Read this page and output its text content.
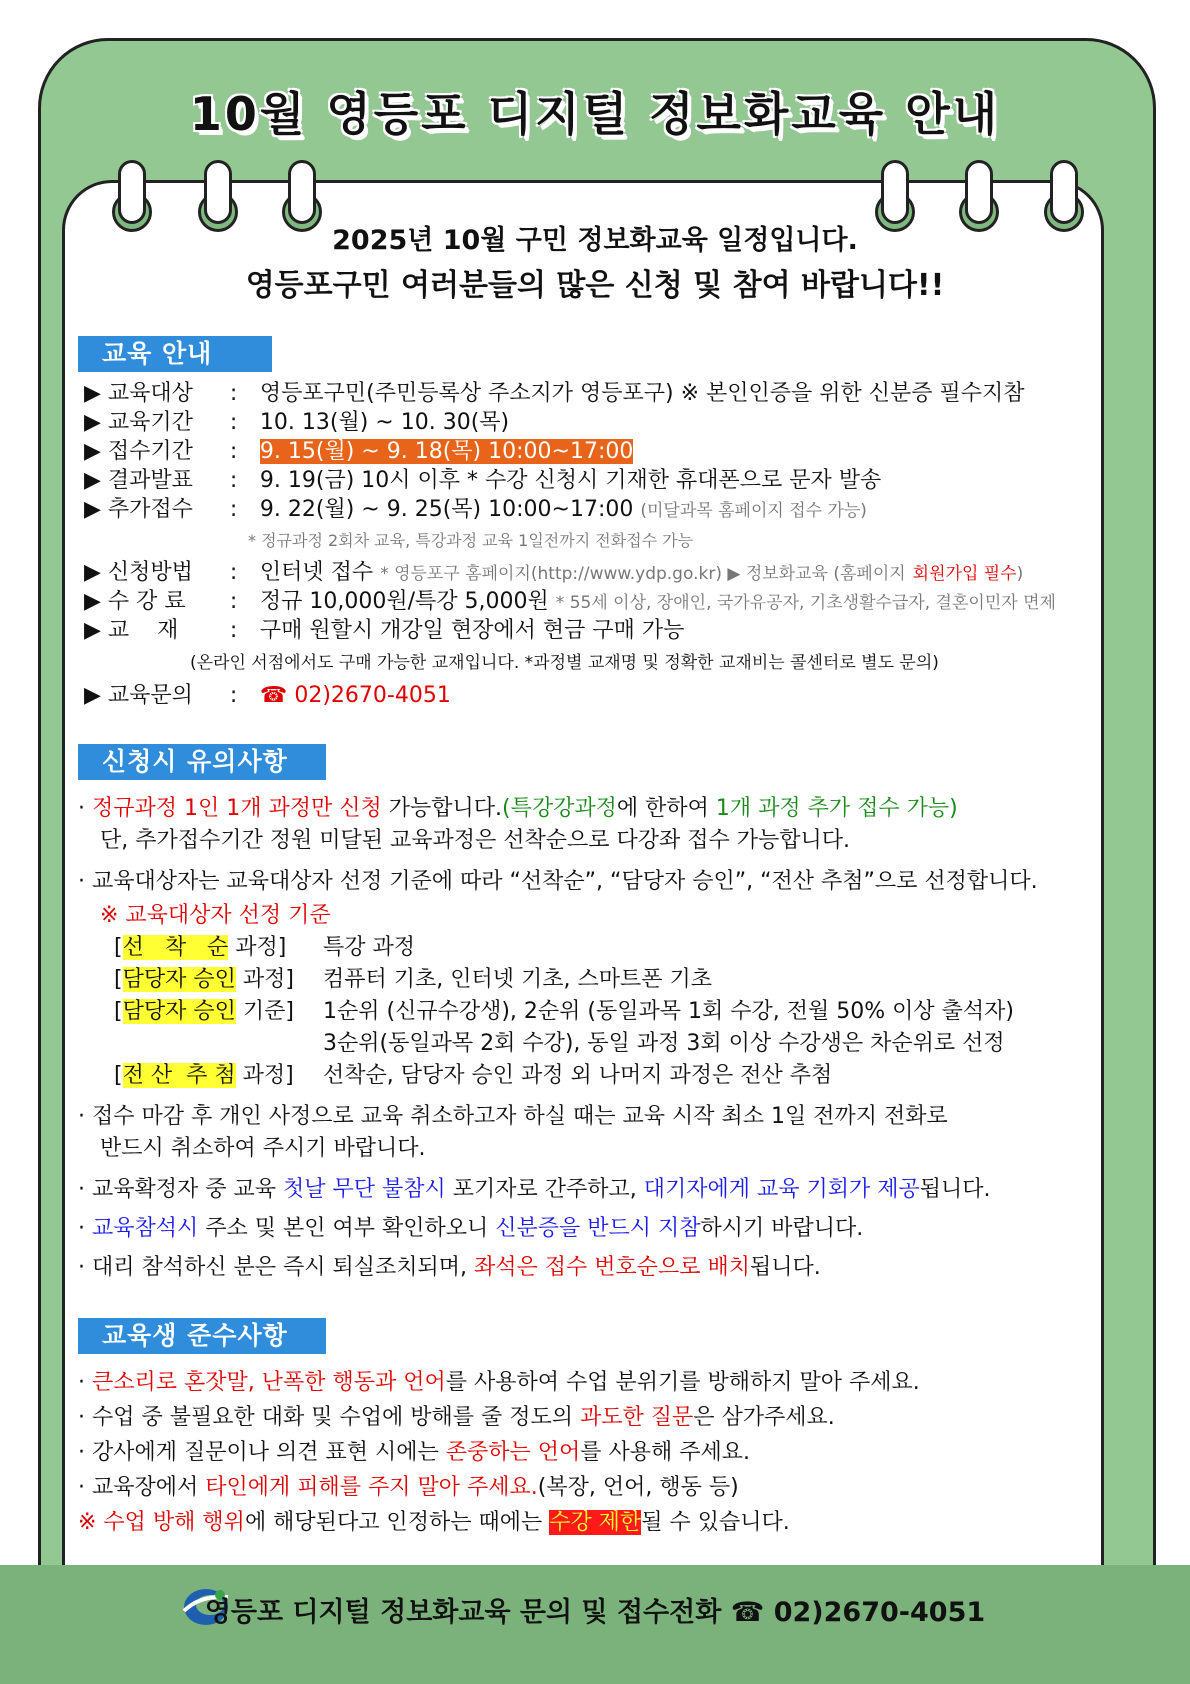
10월 영등포 디지털 정보화교육 안내
2025년 10월 구민 정보화교육 일정입니다.
영등포구민 여러분들의 많은 신청 및 참여 바랍니다!!
교육 안내
▶ 교육대상 : 영등포구민(주민등록상 주소지가 영등포구) ※ 본인인증을 위한 신분증 필수지참
▶ 교육기간 : 10. 13(월) ~ 10. 30(목)
▶ 접수기간 : 9. 15(월) ~ 9. 18(목) 10:00~17:00
▶ 결과발표 : 9. 19(금) 10시 이후 * 수강 신청시 기재한 휴대폰으로 문자 발송
▶ 추가접수 : 9. 22(월) ~ 9. 25(목) 10:00~17:00 (미달과목 홈페이지 접수 가능)
* 정규과정 2회차 교육, 특강과정 교육 1일전까지 전화접수 가능
▶ 신청방법 : 인터넷 접수 * 영등포구 홈페이지(http://www.ydp.go.kr) ▶ 정보화교육 (홈페이지 회원가입 필수)
▶ 수 강 료 : 정규 10,000원/특강 5,000원 * 55세 이상, 장애인, 국가유공자, 기초생활수급자, 결혼이민자 면제
▶ 교    재 : 구매 원할시 개강일 현장에서 현금 구매 가능
(온라인 서점에서도 구매 가능한 교재입니다. *과정별 교재명 및 정확한 교재비는 콜센터로 별도 문의)
▶ 교육문의 : ☎ 02)2670-4051
신청시 유의사항
· 정규과정 1인 1개 과정만 신청 가능합니다.(특강강과정에 한하여 1개 과정 추가 접수 가능)
단, 추가접수기간 정원 미달된 교육과정은 선착순으로 다강좌 접수 가능합니다.
· 교육대상자는 교육대상자 선정 기준에 따라 “선착순”, “담당자 승인”, “전산 추첨”으로 선정합니다.
※ 교육대상자 선정 기준
[선   착   순 과정] 특강 과정
[담당자 승인 과정] 컴퓨터 기초, 인터넷 기초, 스마트폰 기초
[담당자 승인 기준] 1순위 (신규수강생), 2순위 (동일과목 1회 수강, 전월 50% 이상 출석자)
3순위(동일과목 2회 수강), 동일 과정 3회 이상 수강생은 차순위로 선정
[전 산  추 첨 과정] 선착순, 담당자 승인 과정 외 나머지 과정은 전산 추첨
· 접수 마감 후 개인 사정으로 교육 취소하고자 하실 때는 교육 시작 최소 1일 전까지 전화로
반드시 취소하여 주시기 바랍니다.
· 교육확정자 중 교육 첫날 무단 불참시 포기자로 간주하고, 대기자에게 교육 기회가 제공됩니다.
· 교육참석시 주소 및 본인 여부 확인하오니 신분증을 반드시 지참하시기 바랍니다.
· 대리 참석하신 분은 즉시 퇴실조치되며, 좌석은 접수 번호순으로 배치됩니다.
교육생 준수사항
· 큰소리로 혼잣말, 난폭한 행동과 언어를 사용하여 수업 분위기를 방해하지 말아 주세요.
· 수업 중 불필요한 대화 및 수업에 방해를 줄 정도의 과도한 질문은 삼가주세요.
· 강사에게 질문이나 의견 표현 시에는 존중하는 언어를 사용해 주세요.
· 교육장에서 타인에게 피해를 주지 말아 주세요.(복장, 언어, 행동 등)
※ 수업 방해 행위에 해당된다고 인정하는 때에는 수강 제한될 수 있습니다.
영등포 디지털 정보화교육 문의 및 접수전화 ☎ 02)2670-4051
